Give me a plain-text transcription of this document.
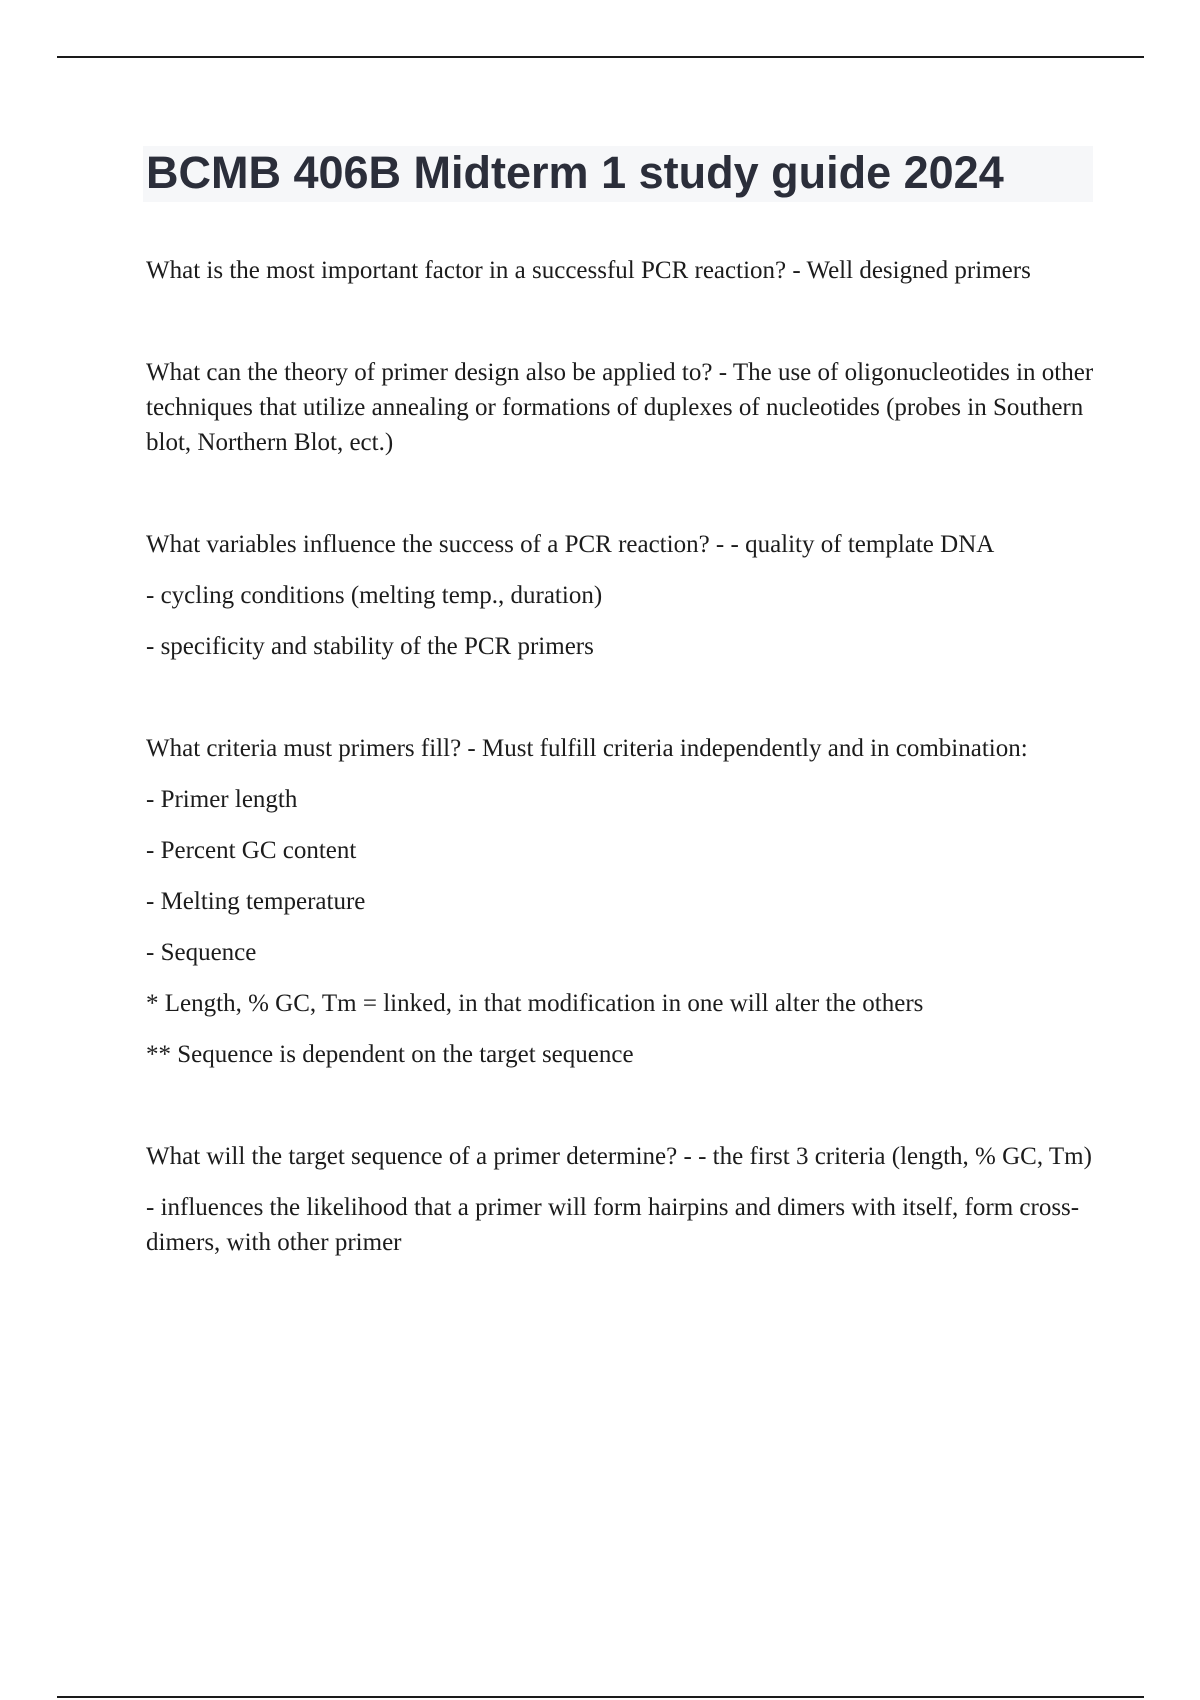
BCMB 406B Midterm 1 study guide 2024

What is the most important factor in a successful PCR reaction? - Well designed primers

What can the theory of primer design also be applied to? - The use of oligonucleotides in other techniques that utilize annealing or formations of duplexes of nucleotides (probes in Southern blot, Northern Blot, ect.)

What variables influence the success of a PCR reaction? - - quality of template DNA

- cycling conditions (melting temp., duration)

- specificity and stability of the PCR primers

What criteria must primers fill? - Must fulfill criteria independently and in combination:

- Primer length

- Percent GC content

- Melting temperature

- Sequence

* Length, % GC, Tm = linked, in that modification in one will alter the others

** Sequence is dependent on the target sequence

What will the target sequence of a primer determine? - - the first 3 criteria (length, % GC, Tm)

- influences the likelihood that a primer will form hairpins and dimers with itself, form cross-dimers, with other primer
